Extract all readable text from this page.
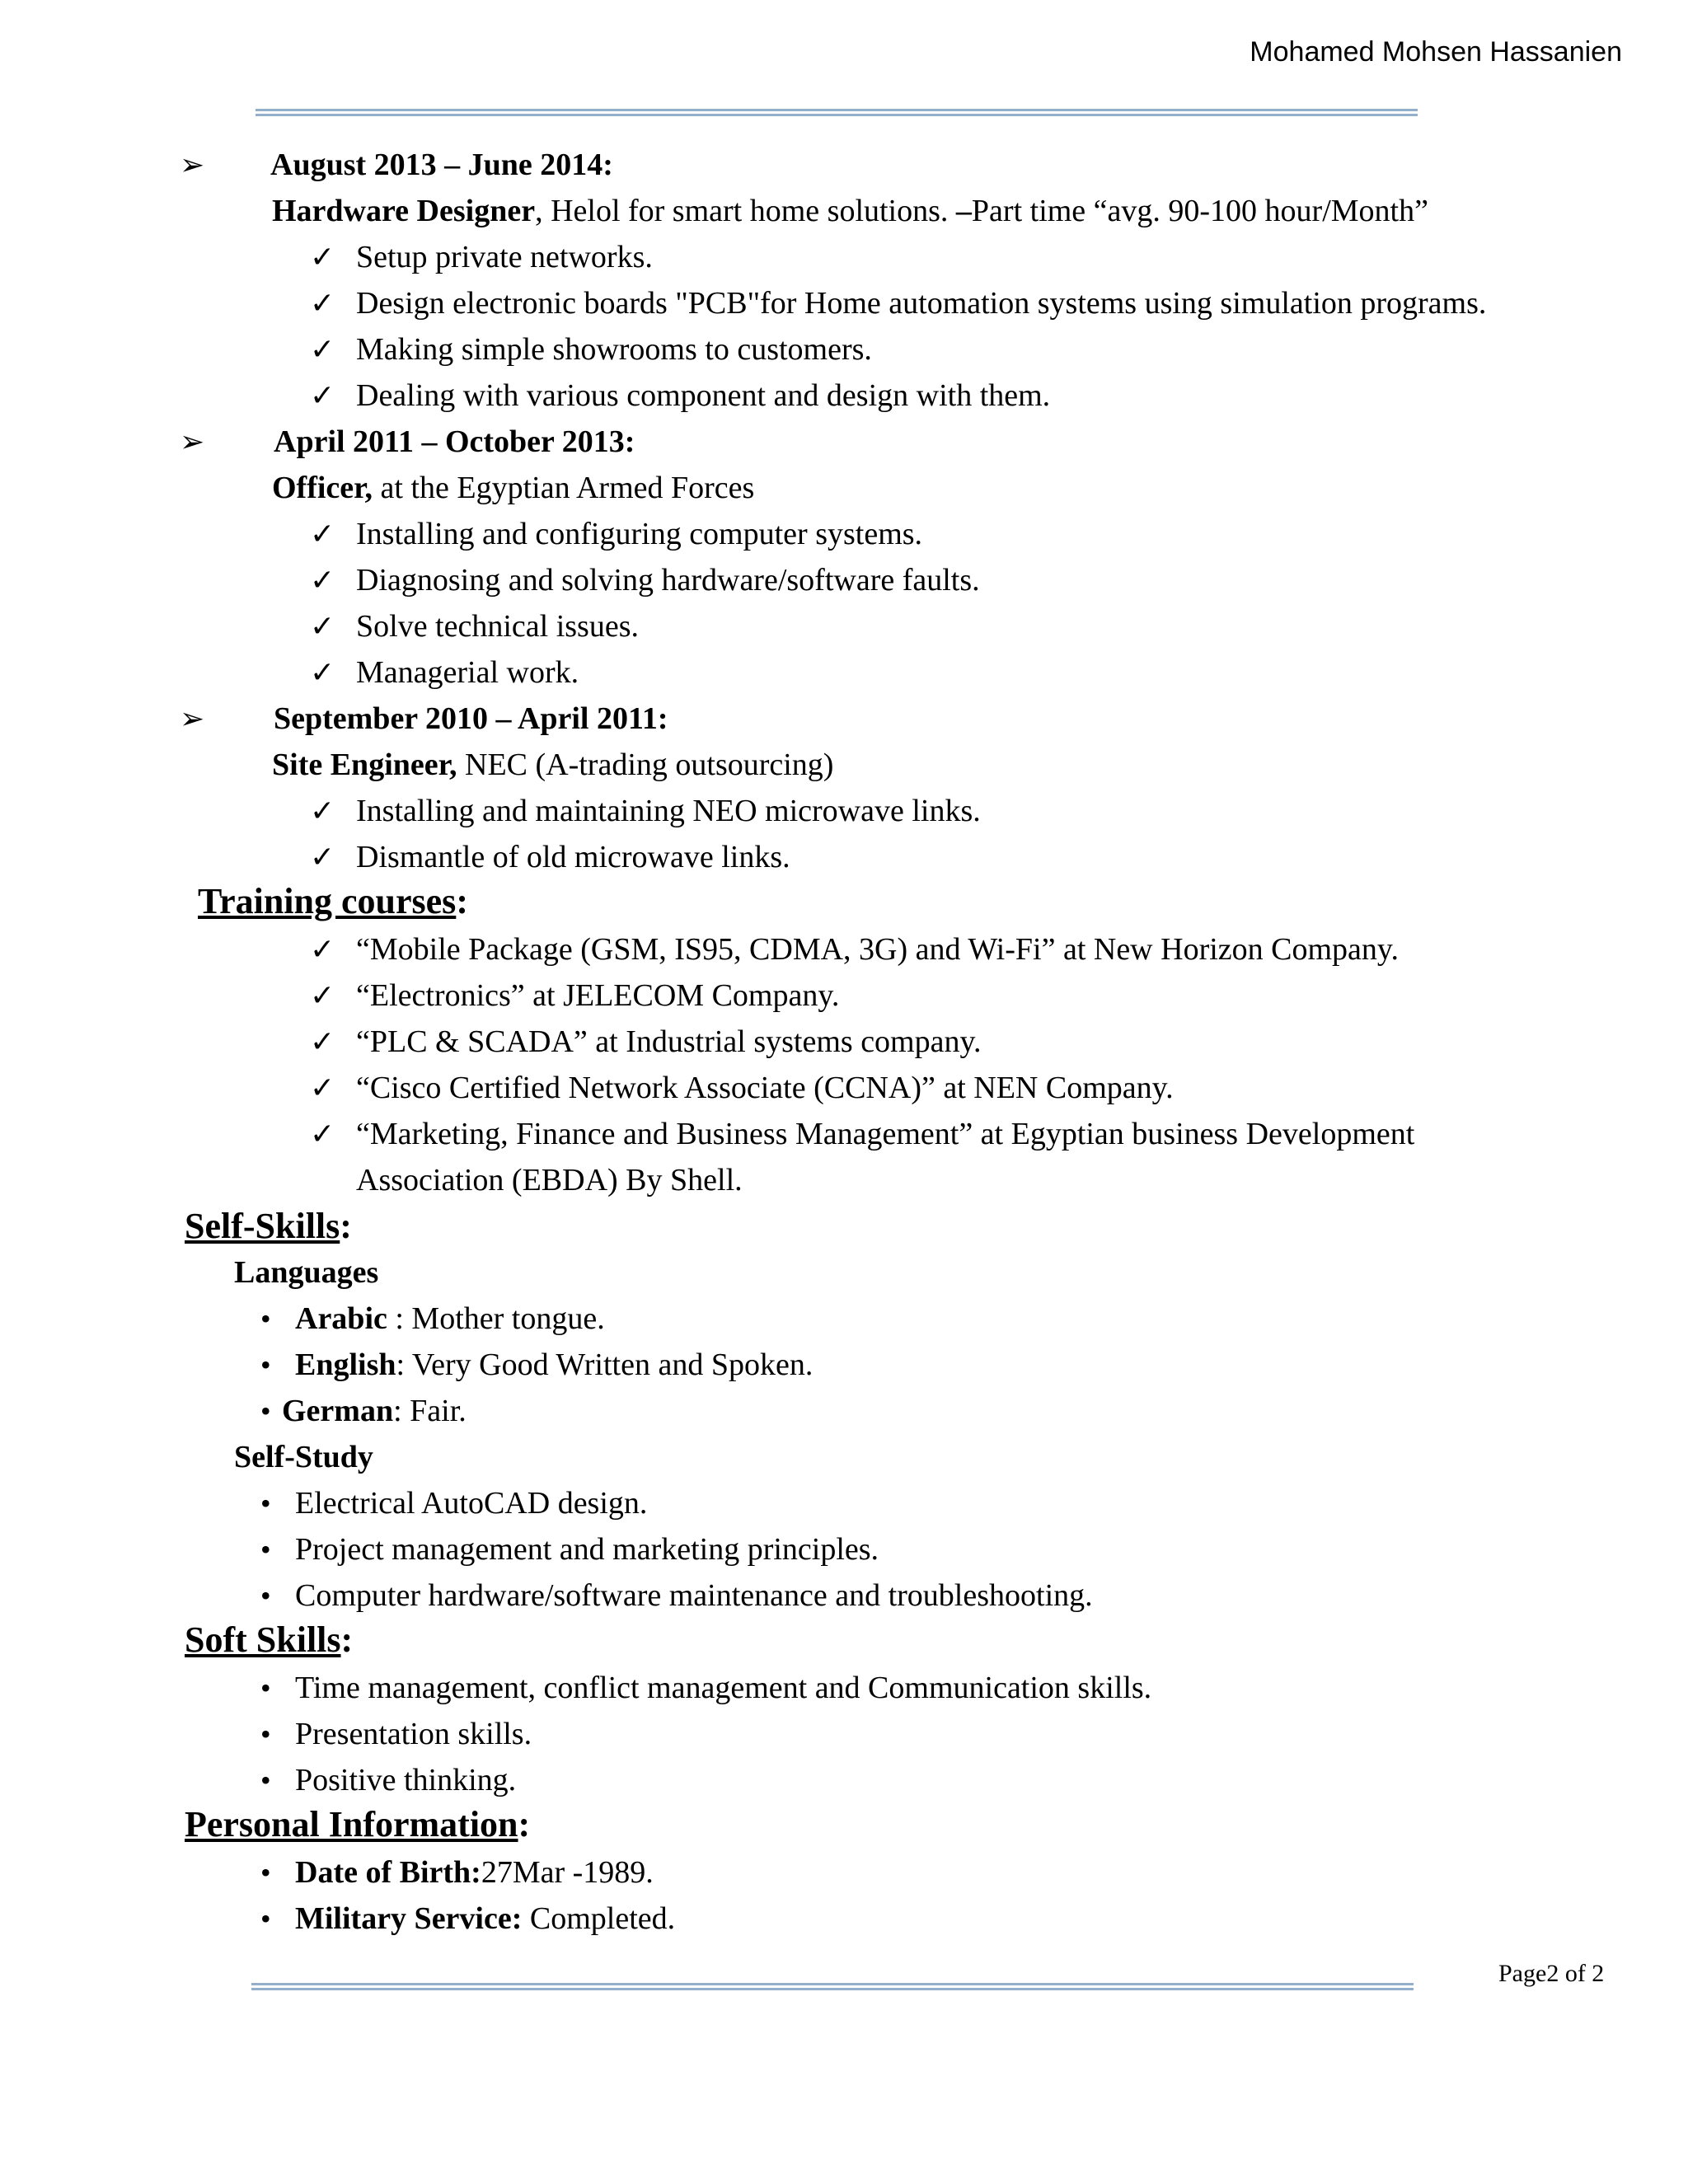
Mohamed Mohsen Hassanien
➢ August 2013 – June 2014:
Hardware Designer, Helol for smart home solutions. –Part time “avg. 90-100 hour/Month”
✓ Setup private networks.
✓ Design electronic boards "PCB"for Home automation systems using simulation programs.
✓ Making simple showrooms to customers.
✓ Dealing with various component and design with them.
➢ April 2011 – October 2013:
Officer, at the Egyptian Armed Forces
✓ Installing and configuring computer systems.
✓ Diagnosing and solving hardware/software faults.
✓ Solve technical issues.
✓ Managerial work.
➢ September 2010 – April 2011:
Site Engineer, NEC (A-trading outsourcing)
✓ Installing and maintaining NEO microwave links.
✓ Dismantle of old microwave links.
Training courses:
✓ “Mobile Package (GSM, IS95, CDMA, 3G) and Wi-Fi” at New Horizon Company.
✓ “Electronics” at JELECOM Company.
✓ “PLC & SCADA” at Industrial systems company.
✓ “Cisco Certified Network Associate (CCNA)” at NEN Company.
✓ “Marketing, Finance and Business Management” at Egyptian business Development
Association (EBDA) By Shell.
Self-Skills:
Languages
• Arabic : Mother tongue.
• English: Very Good Written and Spoken.
• German: Fair.
Self-Study
• Electrical AutoCAD design.
• Project management and marketing principles.
• Computer hardware/software maintenance and troubleshooting.
Soft Skills:
• Time management, conflict management and Communication skills.
• Presentation skills.
• Positive thinking.
Personal Information:
• Date of Birth:27Mar -1989.
• Military Service: Completed.
Page2 of 2
